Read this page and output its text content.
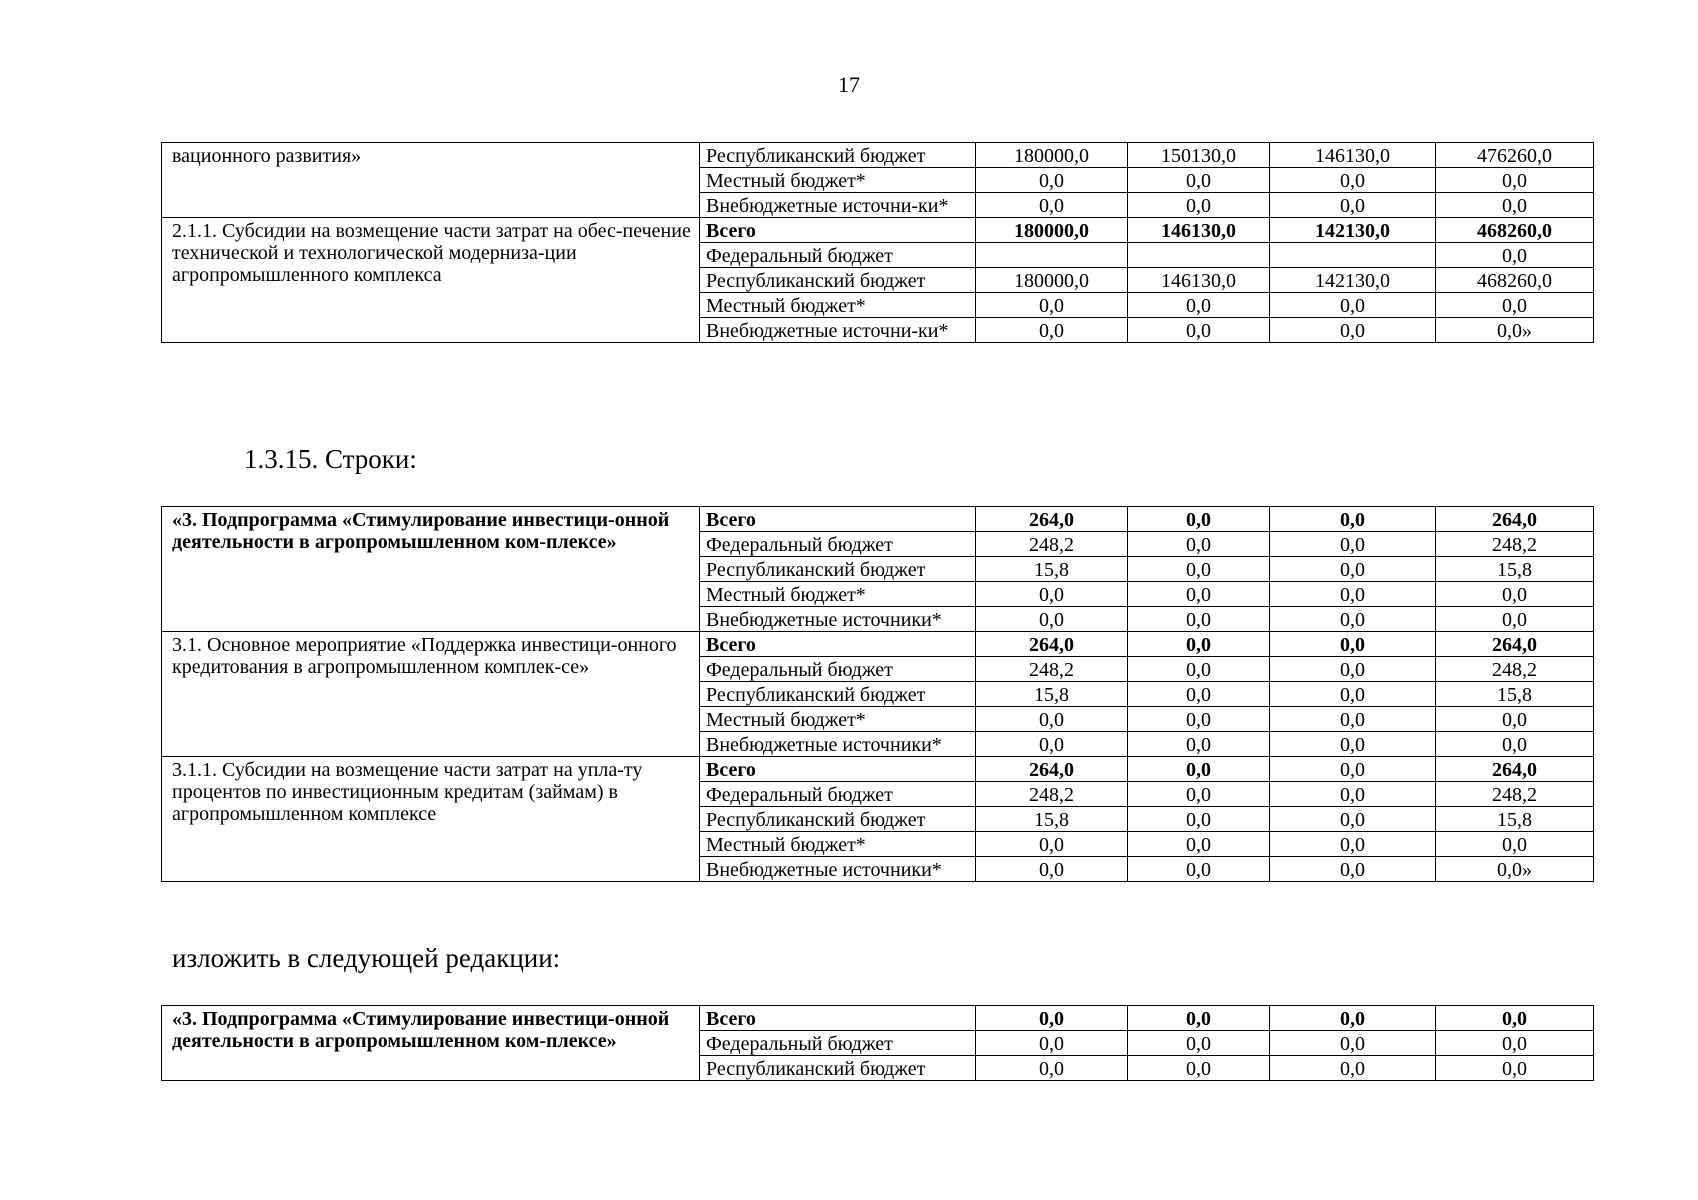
17
вационного развития»	Республиканский бюджет	180000,0	150130,0	146130,0	476260,0
	Местный бюджет*	0,0	0,0	0,0	0,0
	Внебюджетные источни-ки*	0,0	0,0	0,0	0,0
2.1.1. Субсидии на возмещение части затрат на обес-печение технической и технологической модерниза-ции агропромышленного комплекса	Всего	180000,0	146130,0	142130,0	468260,0
	Федеральный бюджет				0,0
	Республиканский бюджет	180000,0	146130,0	142130,0	468260,0
	Местный бюджет*	0,0	0,0	0,0	0,0
	Внебюджетные источни-ки*	0,0	0,0	0,0	0,0»
1.3.15. Строки:
«3. Подпрограмма «Стимулирование инвестици-онной деятельности в агропромышленном ком-плексе»	Всего	264,0	0,0	0,0	264,0
	Федеральный бюджет	248,2	0,0	0,0	248,2
	Республиканский бюджет	15,8	0,0	0,0	15,8
	Местный бюджет*	0,0	0,0	0,0	0,0
	Внебюджетные источники*	0,0	0,0	0,0	0,0
3.1. Основное мероприятие «Поддержка инвестици-онного кредитования в агропромышленном комплек-се»	Всего	264,0	0,0	0,0	264,0
	Федеральный бюджет	248,2	0,0	0,0	248,2
	Республиканский бюджет	15,8	0,0	0,0	15,8
	Местный бюджет*	0,0	0,0	0,0	0,0
	Внебюджетные источники*	0,0	0,0	0,0	0,0
3.1.1. Субсидии на возмещение части затрат на упла-ту процентов по инвестиционным кредитам (займам) в агропромышленном комплексе	Всего	264,0	0,0	0,0	264,0
	Федеральный бюджет	248,2	0,0	0,0	248,2
	Республиканский бюджет	15,8	0,0	0,0	15,8
	Местный бюджет*	0,0	0,0	0,0	0,0
	Внебюджетные источники*	0,0	0,0	0,0	0,0»
изложить в следующей редакции:
«3. Подпрограмма «Стимулирование инвестици-онной деятельности в агропромышленном ком-плексе»	Всего	0,0	0,0	0,0	0,0
	Федеральный бюджет	0,0	0,0	0,0	0,0
	Республиканский бюджет	0,0	0,0	0,0	0,0
